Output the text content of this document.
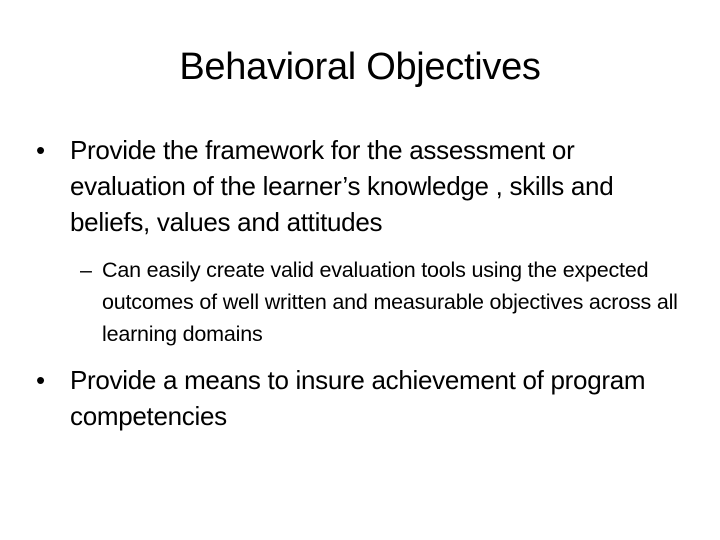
Behavioral Objectives
• Provide the framework for the assessment or evaluation of the learner’s knowledge , skills and beliefs, values and attitudes
– Can easily create valid evaluation tools using the expected outcomes of well written and measurable objectives across all learning domains
• Provide a means to insure achievement of program competencies
